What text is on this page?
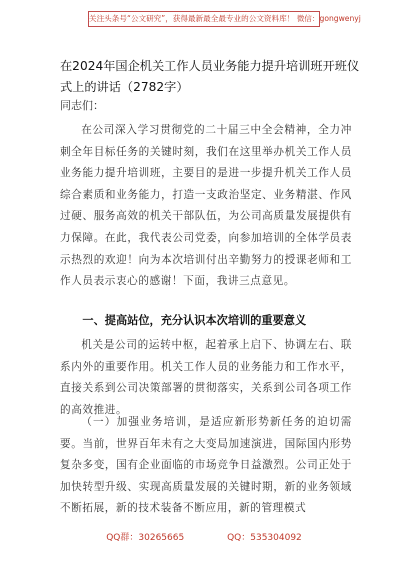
关注头条号“公文研究”，获得最新最全最专业的公文资料库！ 微信：gongwenyj
在2024年国企机关工作人员业务能力提升培训班开班仪式上的讲话（2782字）
同志们：

在公司深入学习贯彻党的二十届三中全会精神，全力冲刺全年目标任务的关键时刻，我们在这里举办机关工作人员业务能力提升培训班，主要目的是进一步提升机关工作人员综合素质和业务能力，打造一支政治坚定、业务精湛、作风过硬、服务高效的机关干部队伍，为公司高质量发展提供有力保障。在此，我代表公司党委，向参加培训的全体学员表示热烈的欢迎！向为本次培训付出辛勤努力的授课老师和工作人员表示衷心的感谢！下面，我讲三点意见。

一、提高站位，充分认识本次培训的重要意义

机关是公司的运转中枢，起着承上启下、协调左右、联系内外的重要作用。机关工作人员的业务能力和工作水平，直接关系到公司决策部署的贯彻落实，关系到公司各项工作的高效推进。

（一）加强业务培训，是适应新形势新任务的迫切需要。当前，世界百年未有之大变局加速演进，国际国内形势复杂多变，国有企业面临的市场竞争日益激烈。公司正处于加快转型升级、实现高质量发展的关键时期，新的业务领域不断拓展，新的技术装备不断应用，新的管理模式

QQ群：30265665	QQ：535304092
